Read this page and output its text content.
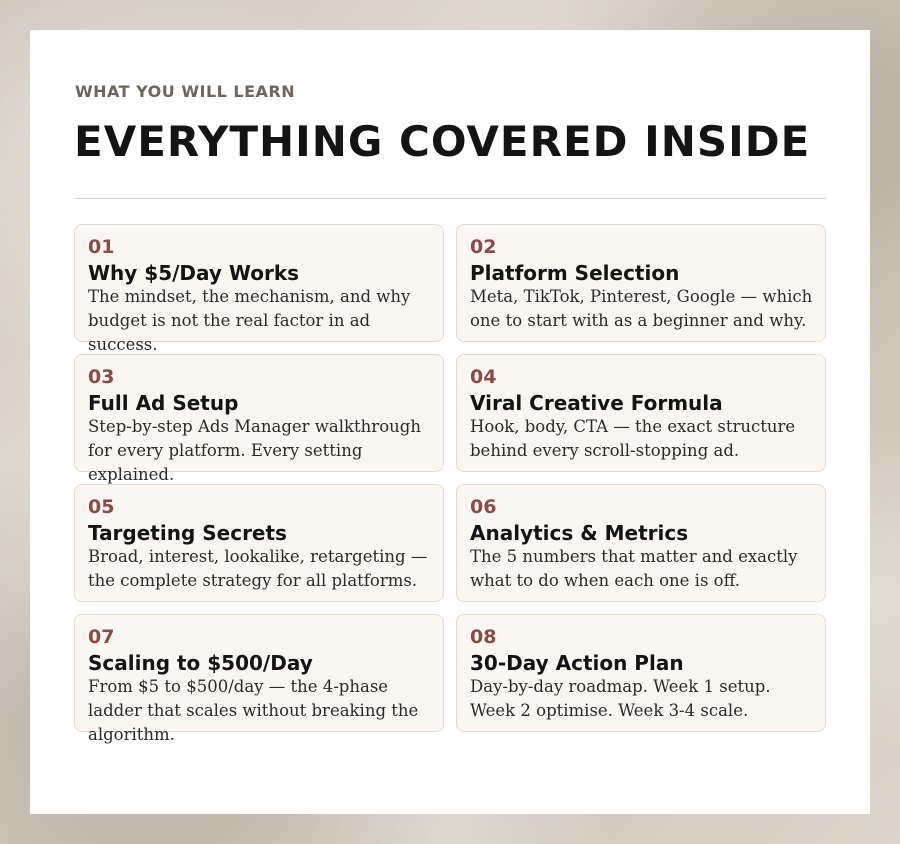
WHAT YOU WILL LEARN

EVERYTHING COVERED INSIDE
01
Why $5/Day Works
The mindset, the mechanism, and why budget is not the real factor in ad success.
02
Platform Selection
Meta, TikTok, Pinterest, Google — which one to start with as a beginner and why.
03
Full Ad Setup
Step-by-step Ads Manager walkthrough for every platform. Every setting explained.
04
Viral Creative Formula
Hook, body, CTA — the exact structure behind every scroll-stopping ad.
05
Targeting Secrets
Broad, interest, lookalike, retargeting — the complete strategy for all platforms.
06
Analytics & Metrics
The 5 numbers that matter and exactly what to do when each one is off.
07
Scaling to $500/Day
From $5 to $500/day — the 4-phase ladder that scales without breaking the algorithm.
08
30-Day Action Plan
Day-by-day roadmap. Week 1 setup. Week 2 optimise. Week 3-4 scale.
